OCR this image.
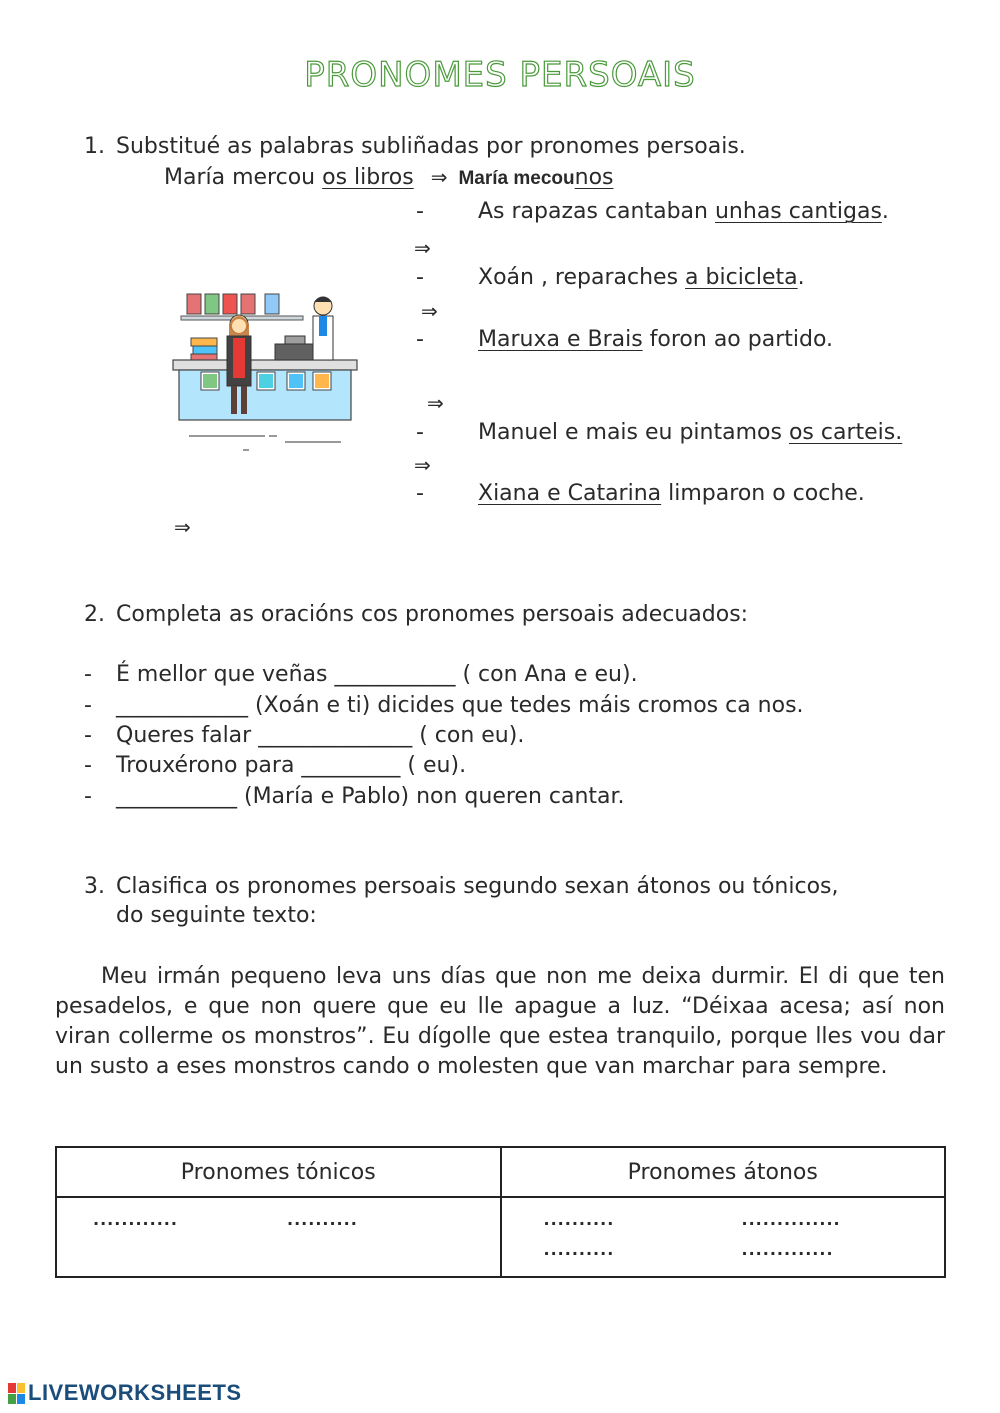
PRONOMES PERSOAIS
1. Substitué as palabras subliñadas por pronomes persoais.
María mercou os libros ⇒ María mecounos
- As rapazas cantaban unhas cantigas.
⇒
- Xoán , reparaches a bicicleta.
⇒
- Maruxa e Brais foron ao partido.
⇒
- Manuel e mais eu pintamos os carteis.
⇒
- Xiana e Catarina limparon o coche.
⇒
2. Completa as oracións cos pronomes persoais adecuados:
- É mellor que veñas ___________ ( con Ana e eu).
- ____________ (Xoán e ti) dicides que tedes máis cromos ca nos.
- Queres falar ______________ ( con eu).
- Trouxérono para _________ ( eu).
- ___________ (María e Pablo) non queren cantar.
3. Clasifica os pronomes persoais segundo sexan átonos ou tónicos,
do seguinte texto:
Meu irmán pequeno leva uns días que non me deixa durmir. El di que ten pesadelos, e que non quere que eu lle apague a luz. “Déixaa acesa; así non viran collerme os monstros”. Eu dígolle que estea tranquilo, porque lles vou dar un susto a eses monstros cando o molesten que van marchar para sempre.
Pronomes tónicos	Pronomes átonos

............ ..........	.......... ..............
.......... .............
LIVEWORKSHEETS
